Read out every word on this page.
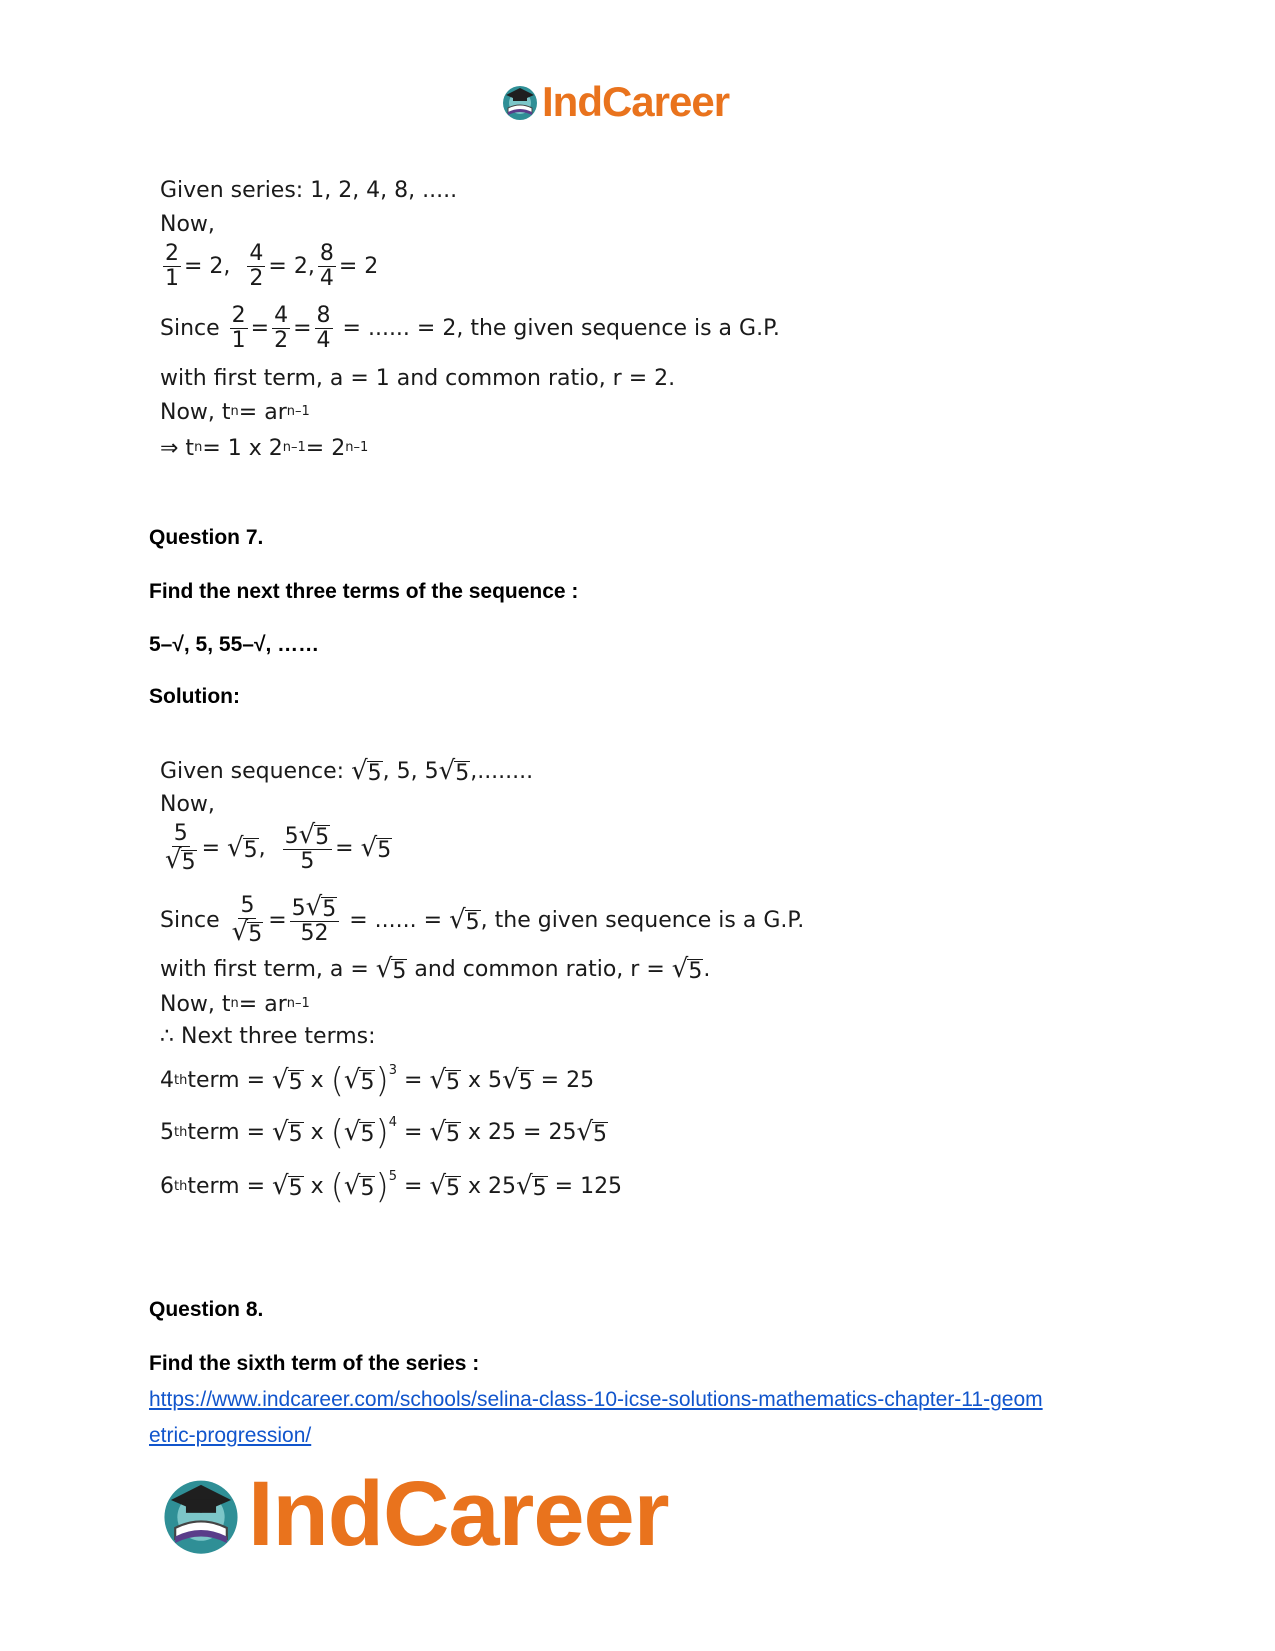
IndCareer
Given series: 1, 2, 4, 8, .....
Now,
$\frac{2}{1} = 2$, $\frac{4}{2} = 2$, $\frac{8}{4} = 2$
Since
$\frac{2}{1} = \frac{4}{2} = \frac{8}{4}$
= ...... = 2, the given sequence is a G.P.
with first term, a = 1 and common ratio, r = 2.
Now, t n = ar n–1
⇒ t n = 1 x 2 n–1 = 2 n–1
Question 7.
Find the next three terms of the sequence :
5–√, 5, 55–√, ……
Solution:
Given sequence:
√ 5 , 5, 5 √ 5 ,........
Now,
$\frac{5}{√ 5}$ =
√ 5 , $\frac{5 √ 5}{5}$ =
√ 5
Since
$\frac{5}{√ 5} = \frac{5 √ 5}{52}$
= ...... =
√ 5 , the given sequence is a G.P.
with first term, a =
√ 5
and common ratio, r =
√ 5 .
Now, t n = ar n–1
∴ Next three terms:
4 th term =
√ 5
x
( √ 5 )$^3$
=
√ 5
x 5 √ 5
= 25
5 th term =
√ 5
x
( √ 5 )$^4$
=
√ 5
x 25 = 25 √ 5
6 th term =
√ 5
x
( √ 5 )$^5$
=
√ 5
x 25 √ 5
= 125
Question 8.
Find the sixth term of the series :
https://www.indcareer.com/schools/selina-class-10-icse-solutions-mathematics-chapter-11-geom
etric-progression/
IndCareer
